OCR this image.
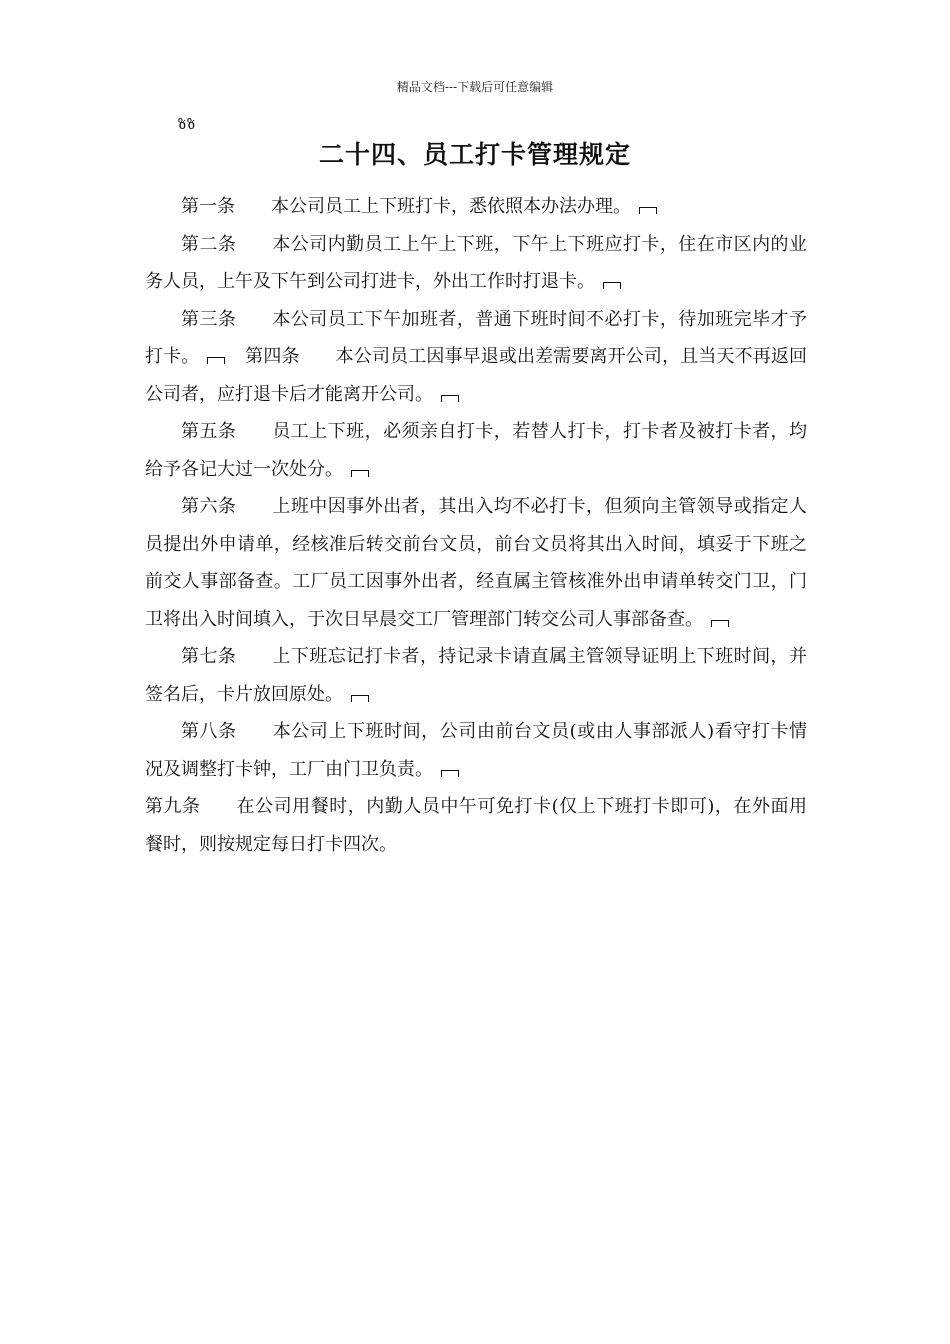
精品文档---下载后可任意编辑
ზზ
二十四、员工打卡管理规定
第一条 本公司员工上下班打卡，悉依照本办法办理。
第二条 本公司内勤员工上午上下班，下午上下班应打卡，住在市区内的业务人员，上午及下午到公司打进卡，外出工作时打退卡。
第三条 本公司员工下午加班者，普通下班时间不必打卡，待加班完毕才予打卡。	第四条 本公司员工因事早退或出差需要离开公司，且当天不再返回公司者，应打退卡后才能离开公司。
第五条 员工上下班，必须亲自打卡，若替人打卡，打卡者及被打卡者，均给予各记大过一次处分。
第六条 上班中因事外出者，其出入均不必打卡，但须向主管领导或指定人员提出外申请单，经核准后转交前台文员，前台文员将其出入时间，填妥于下班之前交人事部备查。工厂员工因事外出者，经直属主管核准外出申请单转交门卫，门卫将出入时间填入，于次日早晨交工厂管理部门转交公司人事部备查。
第七条 上下班忘记打卡者，持记录卡请直属主管领导证明上下班时间，并签名后，卡片放回原处。
第八条 本公司上下班时间，公司由前台文员(或由人事部派人)看守打卡情况及调整打卡钟，工厂由门卫负责。
第九条 在公司用餐时，内勤人员中午可免打卡(仅上下班打卡即可)，在外面用餐时，则按规定每日打卡四次。
